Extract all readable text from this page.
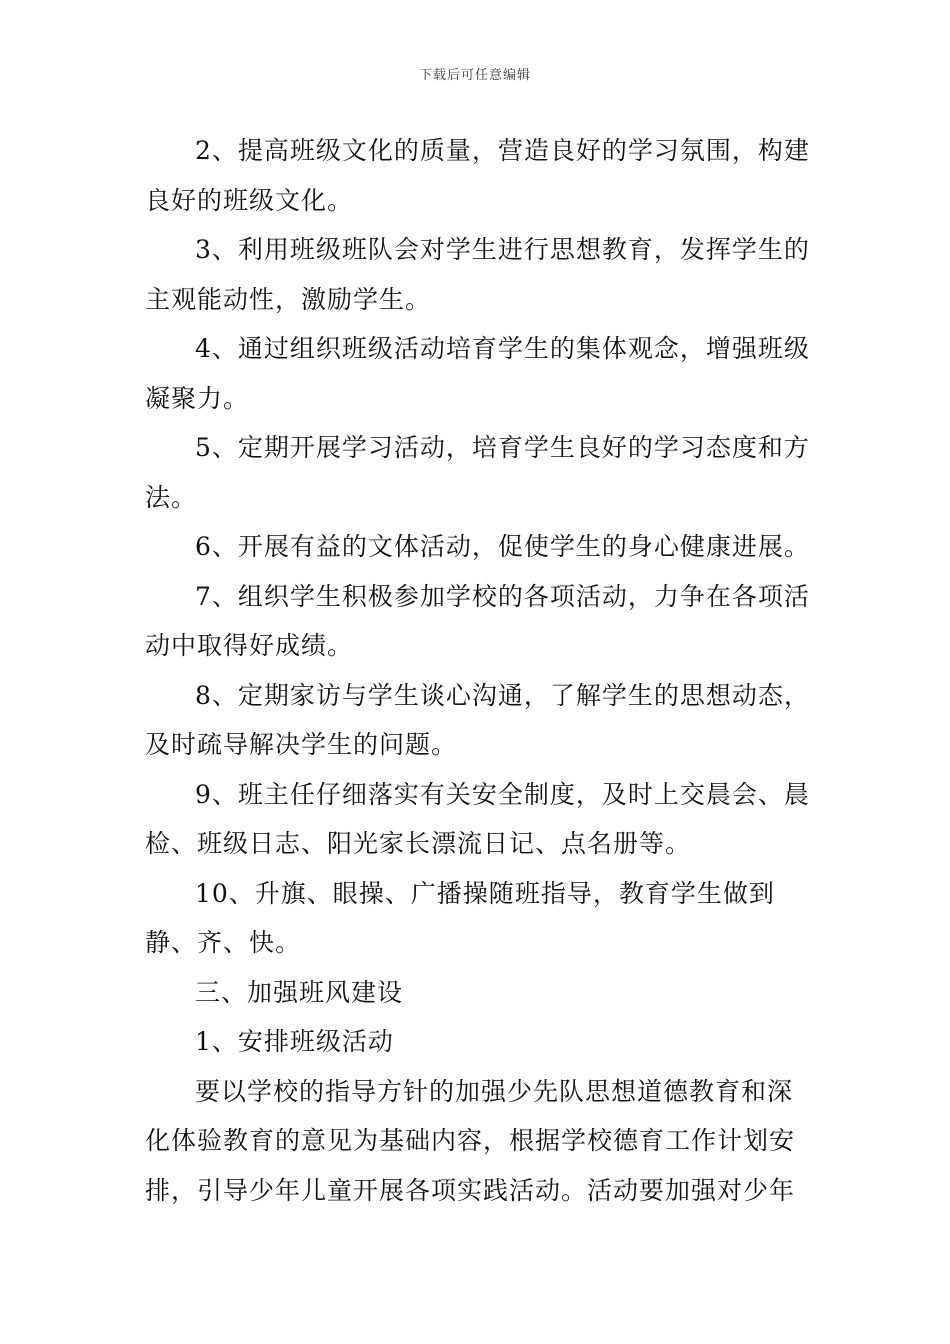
下载后可任意编辑

2、提高班级文化的质量，营造良好的学习氛围，构建良好的班级文化。

3、利用班级班队会对学生进行思想教育，发挥学生的主观能动性，激励学生。

4、通过组织班级活动培育学生的集体观念，增强班级凝聚力。

5、定期开展学习活动，培育学生良好的学习态度和方法。

6、开展有益的文体活动，促使学生的身心健康进展。

7、组织学生积极参加学校的各项活动，力争在各项活动中取得好成绩。

8、定期家访与学生谈心沟通，了解学生的思想动态，及时疏导解决学生的问题。

9、班主任仔细落实有关安全制度，及时上交晨会、晨检、班级日志、阳光家长漂流日记、点名册等。

10、升旗、眼操、广播操随班指导，教育学生做到静、齐、快。

三、加强班风建设

1、安排班级活动

要以学校的指导方针的加强少先队思想道德教育和深化体验教育的意见为基础内容，根据学校德育工作计划安排，引导少年儿童开展各项实践活动。活动要加强对少年
